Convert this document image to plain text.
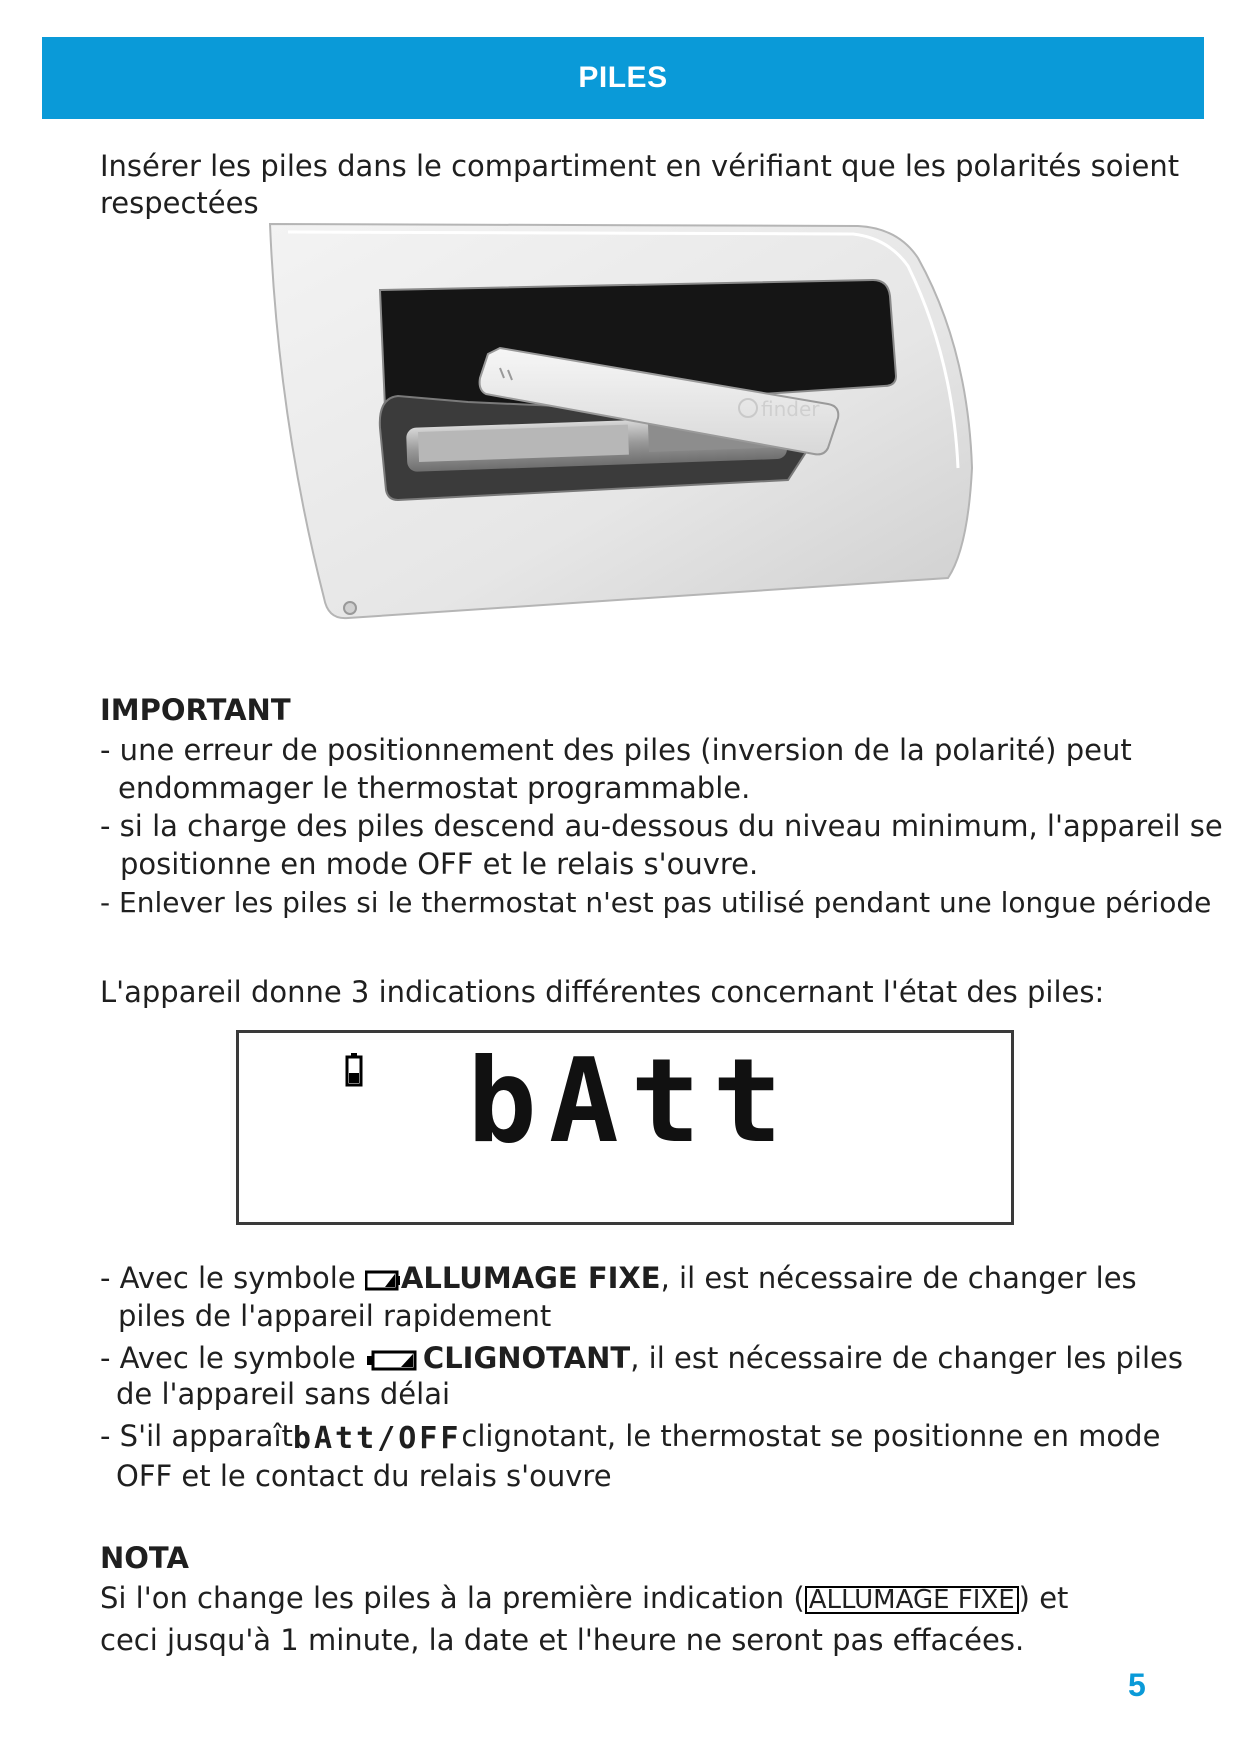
PILES
Insérer les piles dans le compartiment en vérifiant que les polarités soient
respectées
finder
IMPORTANT
- une erreur de positionnement des piles (inversion de la polarité) peut
endommager le thermostat programmable.
- si la charge des piles descend au-dessous du niveau minimum, l'appareil se
positionne en mode OFF et le relais s'ouvre.
- Enlever les piles si le thermostat n'est pas utilisé pendant une longue période
L'appareil donne 3 indications différentes concernant l'état des piles:
bAtt
- Avec le symbole ALLUMAGE FIXE, il est nécessaire de changer les
piles de l'appareil rapidement
- Avec le symbole CLIGNOTANT, il est nécessaire de changer les piles
de l'appareil sans délai
- S'il apparaîtbAtt/OFFclignotant, le thermostat se positionne en mode
OFF et le contact du relais s'ouvre
NOTA
Si l'on change les piles à la première indication ( ALLUMAGE FIXE ) et
ceci jusqu'à 1 minute, la date et l'heure ne seront pas effacées.
5
